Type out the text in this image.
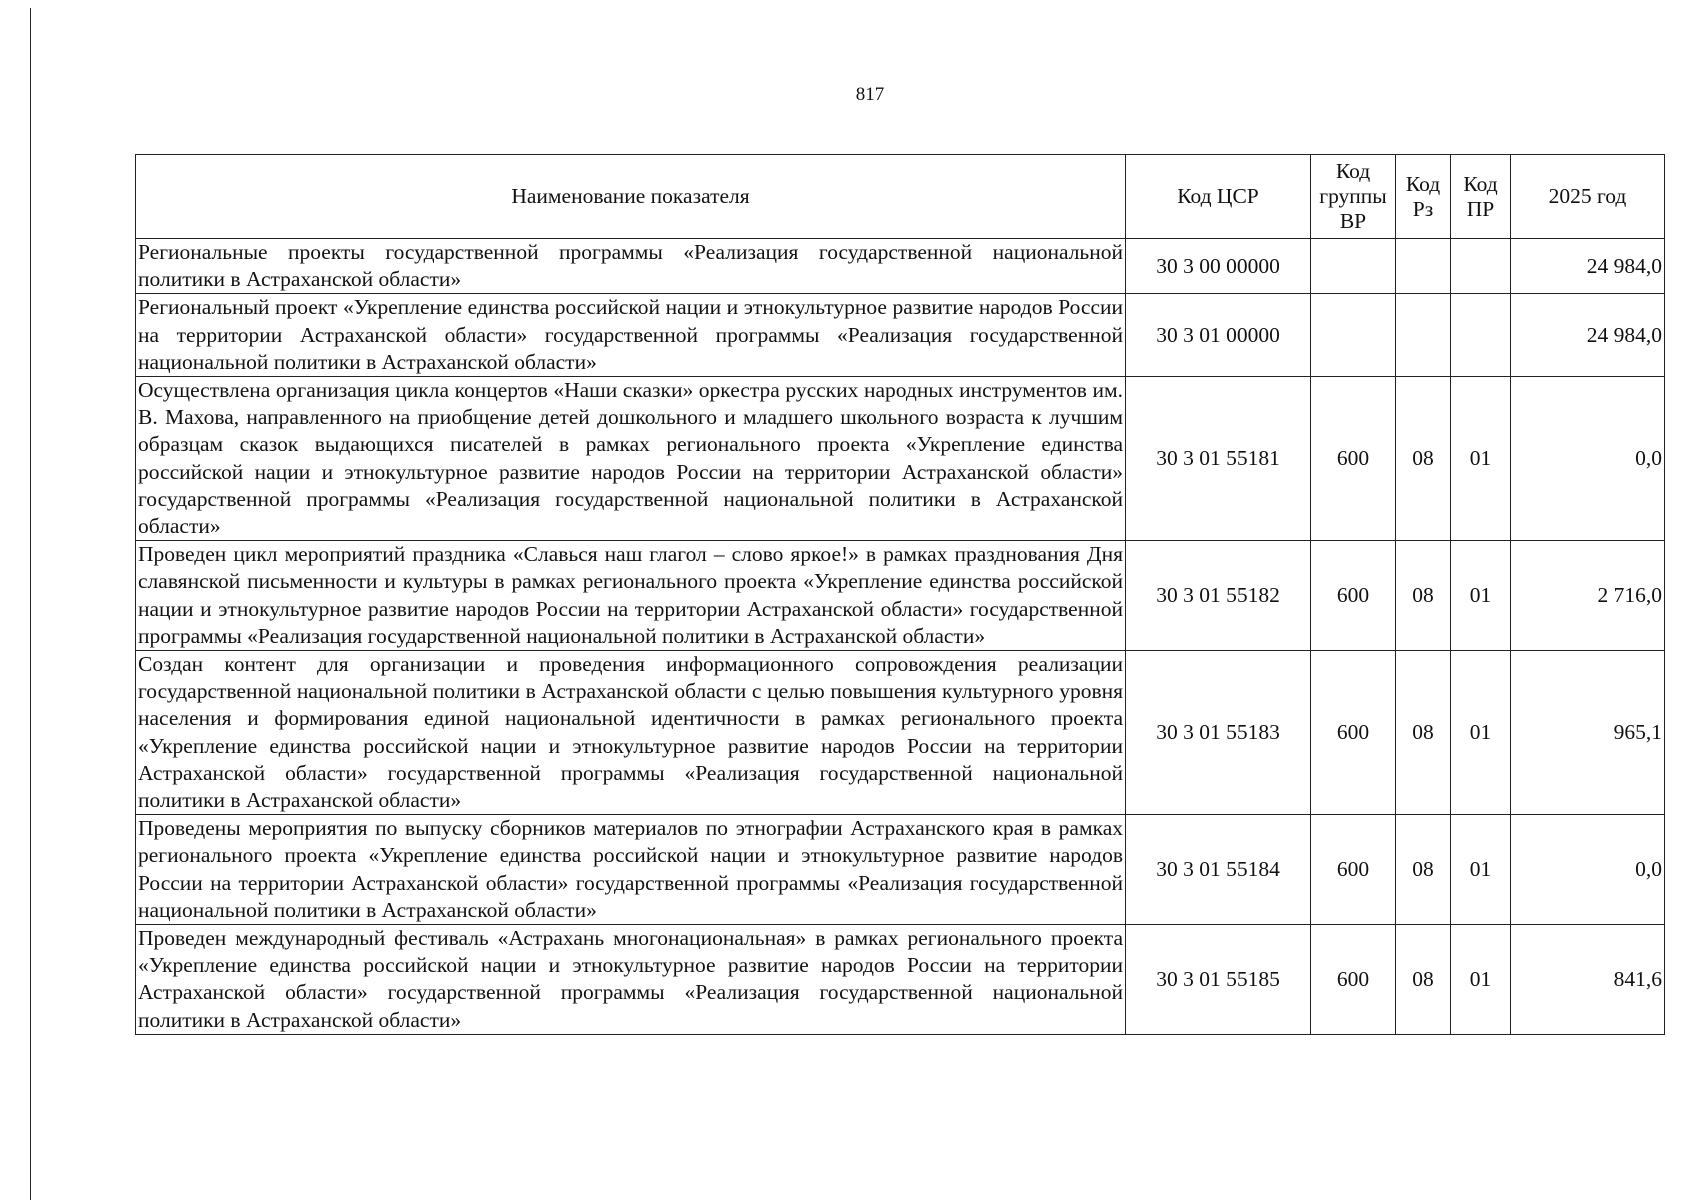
817
Наименование показателя	Код ЦСР	Код группы ВР	Код Рз	Код ПР	2025 год
Региональные проекты государственной программы «Реализация государственной национальной политики в Астраханской области»	30 3 00 00000				24 984,0
Региональный проект «Укрепление единства российской нации и этнокультурное развитие народов России на территории Астраханской области» государственной программы «Реализация государственной национальной политики в Астраханской области»	30 3 01 00000				24 984,0
Осуществлена организация цикла концертов «Наши сказки» оркестра русских народных инструментов им. В. Махова, направленного на приобщение детей дошкольного и младшего школьного возраста к лучшим образцам сказок выдающихся писателей в рамках регионального проекта «Укрепление единства российской нации и этнокультурное развитие народов России на территории Астраханской области» государственной программы «Реализация государственной национальной политики в Астраханской области»	30 3 01 55181	600	08	01	0,0
Проведен цикл мероприятий праздника «Славься наш глагол – слово яркое!» в рамках празднования Дня славянской письменности и культуры в рамках регионального проекта «Укрепление единства российской нации и этнокультурное развитие народов России на территории Астраханской области» государственной программы «Реализация государственной национальной политики в Астраханской области»	30 3 01 55182	600	08	01	2 716,0
Создан контент для организации и проведения информационного сопровождения реализации государственной национальной политики в Астраханской области с целью повышения культурного уровня населения и формирования единой национальной идентичности в рамках регионального проекта «Укрепление единства российской нации и этнокультурное развитие народов России на территории Астраханской области» государственной программы «Реализация государственной национальной политики в Астраханской области»	30 3 01 55183	600	08	01	965,1
Проведены мероприятия по выпуску сборников материалов по этнографии Астраханского края в рамках регионального проекта «Укрепление единства российской нации и этнокультурное развитие народов России на территории Астраханской области» государственной программы «Реализация государственной национальной политики в Астраханской области»	30 3 01 55184	600	08	01	0,0
Проведен международный фестиваль «Астрахань многонациональная» в рамках регионального проекта «Укрепление единства российской нации и этнокультурное развитие народов России на территории Астраханской области» государственной программы «Реализация государственной национальной политики в Астраханской области»	30 3 01 55185	600	08	01	841,6
